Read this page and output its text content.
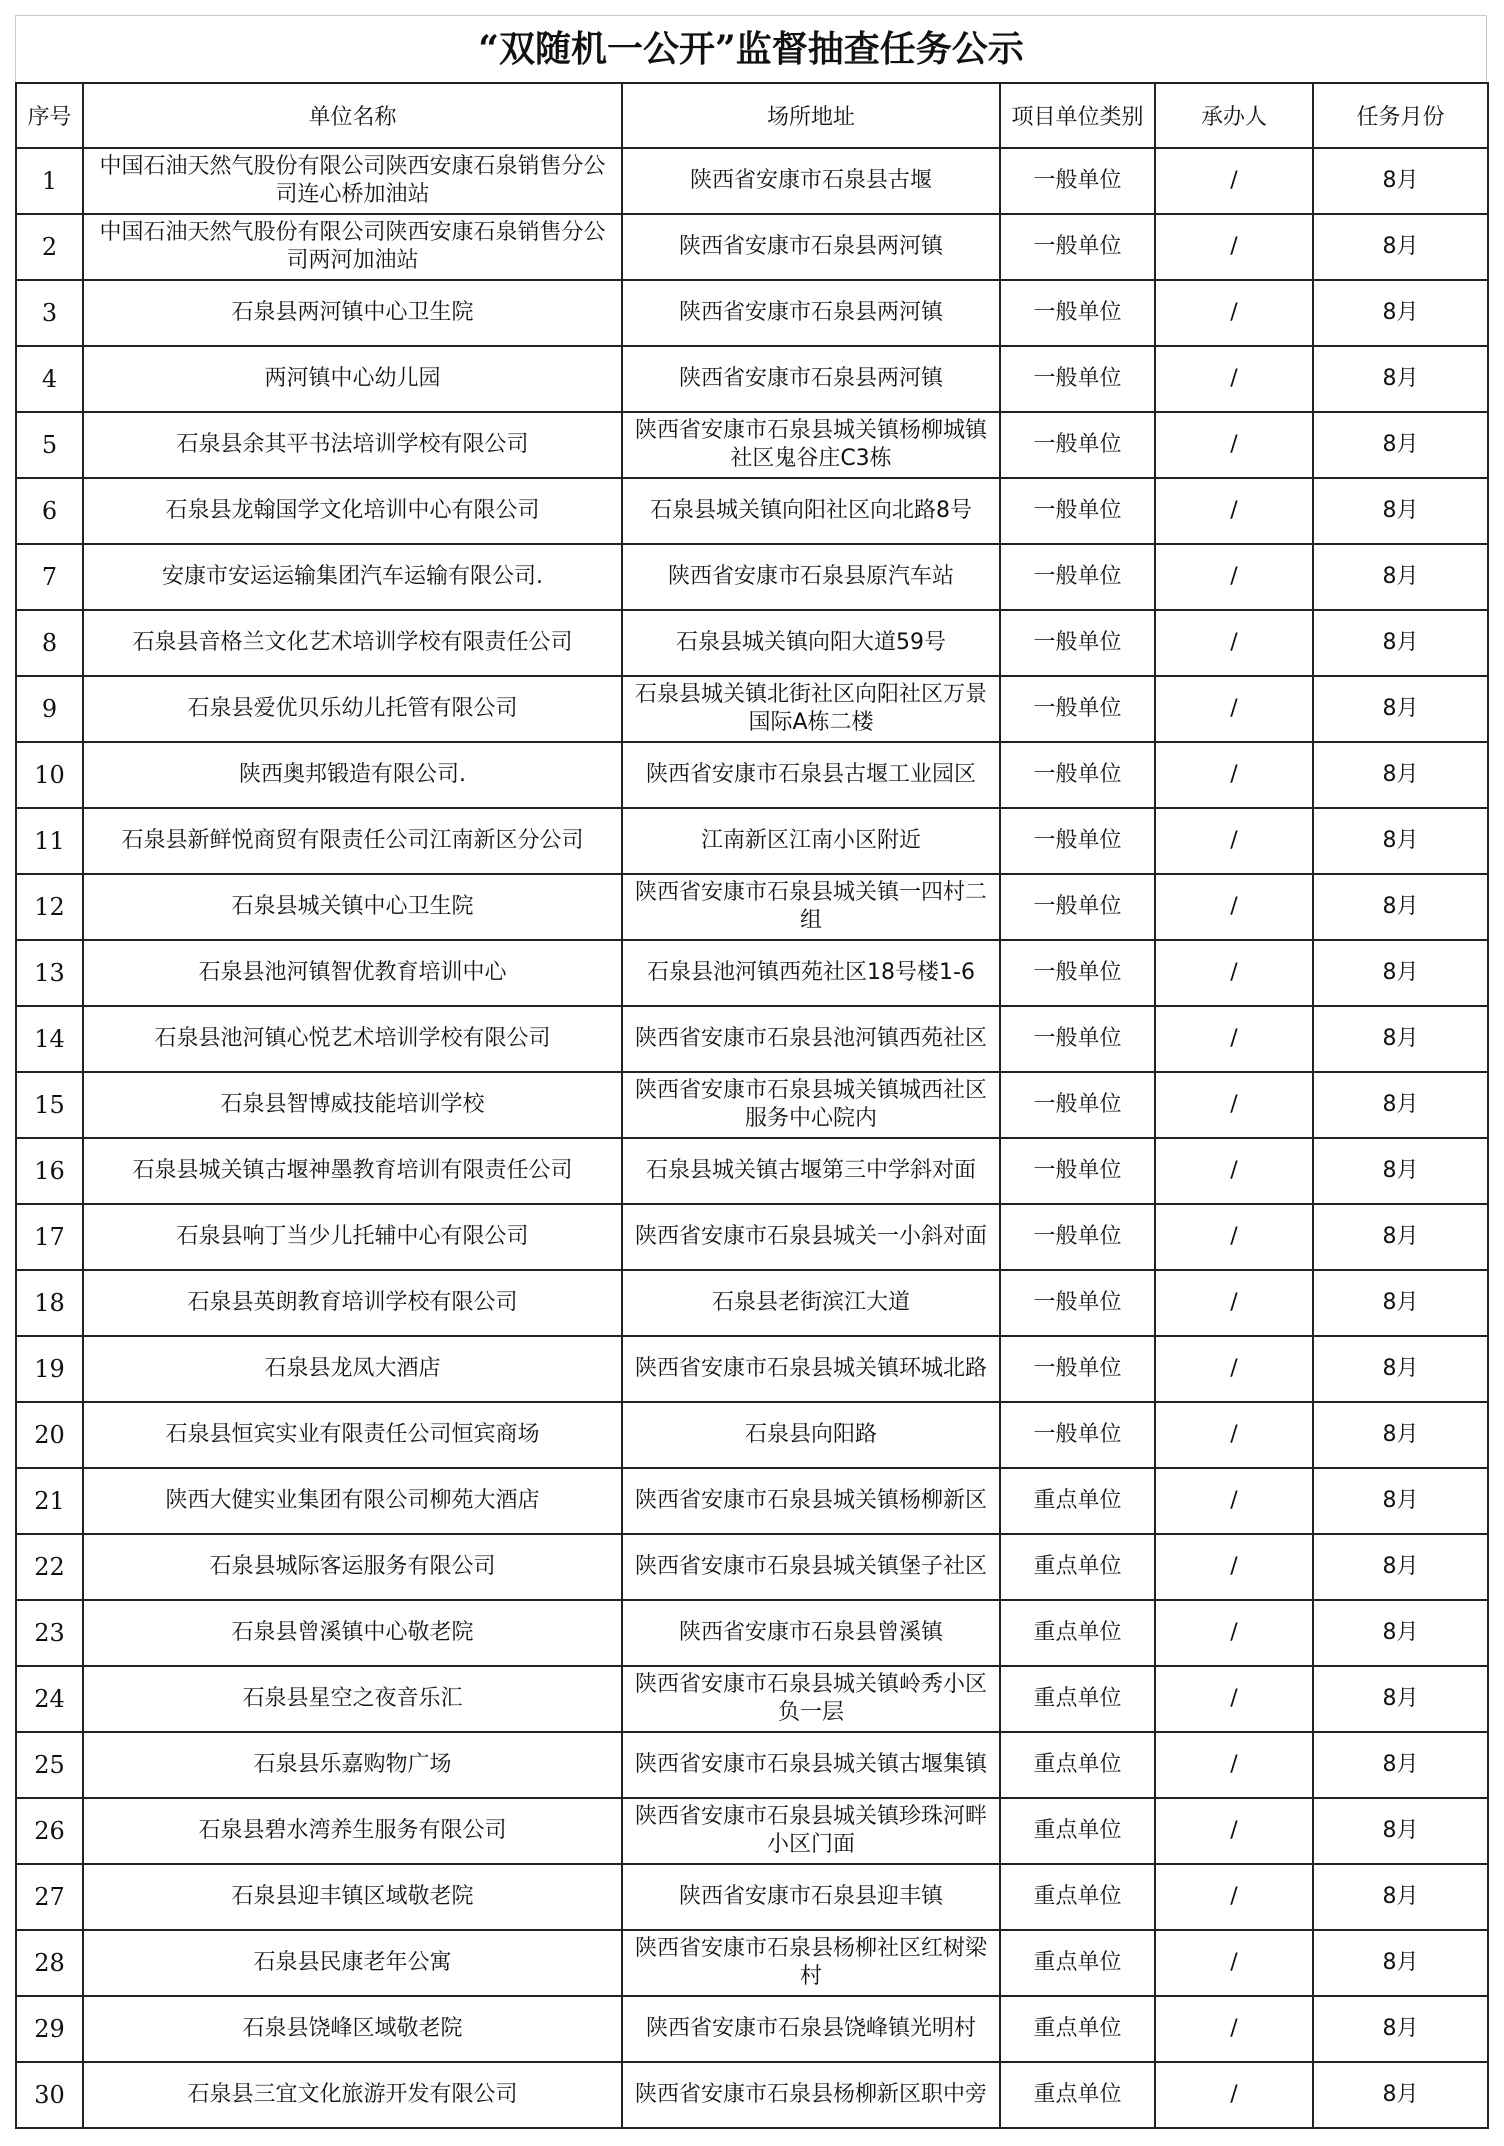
“双随机一公开”监督抽查任务公示
序号	单位名称	场所地址	项目单位类别	承办人	任务月份
1	中国石油天然气股份有限公司陕西安康石泉销售分公司连心桥加油站	陕西省安康市石泉县古堰	一般单位	/	8月
2	中国石油天然气股份有限公司陕西安康石泉销售分公司两河加油站	陕西省安康市石泉县两河镇	一般单位	/	8月
3	石泉县两河镇中心卫生院	陕西省安康市石泉县两河镇	一般单位	/	8月
4	两河镇中心幼儿园	陕西省安康市石泉县两河镇	一般单位	/	8月
5	石泉县余其平书法培训学校有限公司	陕西省安康市石泉县城关镇杨柳城镇社区鬼谷庄C3栋	一般单位	/	8月
6	石泉县龙翰国学文化培训中心有限公司	石泉县城关镇向阳社区向北路8号	一般单位	/	8月
7	安康市安运运输集团汽车运输有限公司.	陕西省安康市石泉县原汽车站	一般单位	/	8月
8	石泉县音格兰文化艺术培训学校有限责任公司	石泉县城关镇向阳大道59号	一般单位	/	8月
9	石泉县爱优贝乐幼儿托管有限公司	石泉县城关镇北街社区向阳社区万景国际A栋二楼	一般单位	/	8月
10	陕西奥邦锻造有限公司.	陕西省安康市石泉县古堰工业园区	一般单位	/	8月
11	石泉县新鲜悦商贸有限责任公司江南新区分公司	江南新区江南小区附近	一般单位	/	8月
12	石泉县城关镇中心卫生院	陕西省安康市石泉县城关镇一四村二组	一般单位	/	8月
13	石泉县池河镇智优教育培训中心	石泉县池河镇西苑社区18号楼1-6	一般单位	/	8月
14	石泉县池河镇心悦艺术培训学校有限公司	陕西省安康市石泉县池河镇西苑社区	一般单位	/	8月
15	石泉县智博威技能培训学校	陕西省安康市石泉县城关镇城西社区服务中心院内	一般单位	/	8月
16	石泉县城关镇古堰神墨教育培训有限责任公司	石泉县城关镇古堰第三中学斜对面	一般单位	/	8月
17	石泉县响丁当少儿托辅中心有限公司	陕西省安康市石泉县城关一小斜对面	一般单位	/	8月
18	石泉县英朗教育培训学校有限公司	石泉县老街滨江大道	一般单位	/	8月
19	石泉县龙凤大酒店	陕西省安康市石泉县城关镇环城北路	一般单位	/	8月
20	石泉县恒宾实业有限责任公司恒宾商场	石泉县向阳路	一般单位	/	8月
21	陕西大健实业集团有限公司柳苑大酒店	陕西省安康市石泉县城关镇杨柳新区	重点单位	/	8月
22	石泉县城际客运服务有限公司	陕西省安康市石泉县城关镇堡子社区	重点单位	/	8月
23	石泉县曾溪镇中心敬老院	陕西省安康市石泉县曾溪镇	重点单位	/	8月
24	石泉县星空之夜音乐汇	陕西省安康市石泉县城关镇岭秀小区负一层	重点单位	/	8月
25	石泉县乐嘉购物广场	陕西省安康市石泉县城关镇古堰集镇	重点单位	/	8月
26	石泉县碧水湾养生服务有限公司	陕西省安康市石泉县城关镇珍珠河畔小区门面	重点单位	/	8月
27	石泉县迎丰镇区域敬老院	陕西省安康市石泉县迎丰镇	重点单位	/	8月
28	石泉县民康老年公寓	陕西省安康市石泉县杨柳社区红树梁村	重点单位	/	8月
29	石泉县饶峰区域敬老院	陕西省安康市石泉县饶峰镇光明村	重点单位	/	8月
30	石泉县三宜文化旅游开发有限公司	陕西省安康市石泉县杨柳新区职中旁	重点单位	/	8月
